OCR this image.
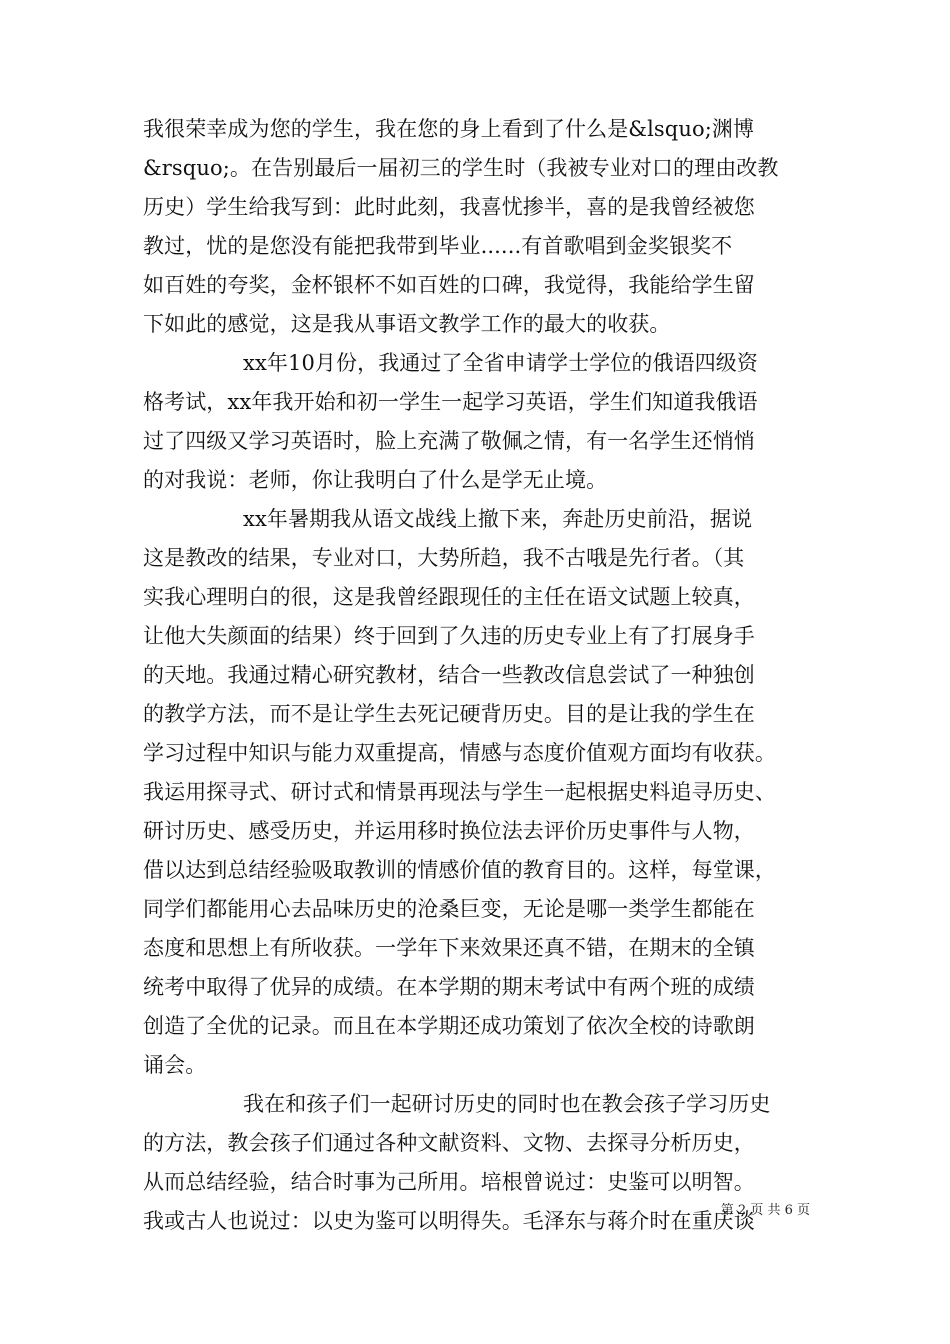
我很荣幸成为您的学生，我在您的身上看到了什么是&lsquo;渊博
&rsquo;。在告别最后一届初三的学生时（我被专业对口的理由改教
历史）学生给我写到：此时此刻，我喜忧掺半，喜的是我曾经被您
教过，忧的是您没有能把我带到毕业......有首歌唱到金奖银奖不
如百姓的夸奖，金杯银杯不如百姓的口碑，我觉得，我能给学生留
下如此的感觉，这是我从事语文教学工作的最大的收获。
xx年10月份，我通过了全省申请学士学位的俄语四级资
格考试，xx年我开始和初一学生一起学习英语，学生们知道我俄语
过了四级又学习英语时，脸上充满了敬佩之情，有一名学生还悄悄
的对我说：老师，你让我明白了什么是学无止境。
xx年暑期我从语文战线上撤下来，奔赴历史前沿，据说
这是教改的结果，专业对口，大势所趋，我不古哦是先行者。（其
实我心理明白的很，这是我曾经跟现任的主任在语文试题上较真，
让他大失颜面的结果）终于回到了久违的历史专业上有了打展身手
的天地。我通过精心研究教材，结合一些教改信息尝试了一种独创
的教学方法，而不是让学生去死记硬背历史。目的是让我的学生在
学习过程中知识与能力双重提高，情感与态度价值观方面均有收获。
我运用探寻式、研讨式和情景再现法与学生一起根据史料追寻历史、
研讨历史、感受历史，并运用移时换位法去评价历史事件与人物，
借以达到总结经验吸取教训的情感价值的教育目的。这样，每堂课，
同学们都能用心去品味历史的沧桑巨变，无论是哪一类学生都能在
态度和思想上有所收获。一学年下来效果还真不错，在期末的全镇
统考中取得了优异的成绩。在本学期的期末考试中有两个班的成绩
创造了全优的记录。而且在本学期还成功策划了依次全校的诗歌朗
诵会。
我在和孩子们一起研讨历史的同时也在教会孩子学习历史
的方法，教会孩子们通过各种文献资料、文物、去探寻分析历史，
从而总结经验，结合时事为己所用。培根曾说过：史鉴可以明智。
我或古人也说过：以史为鉴可以明得失。毛泽东与蒋介时在重庆谈
第 2 页 共 6 页
